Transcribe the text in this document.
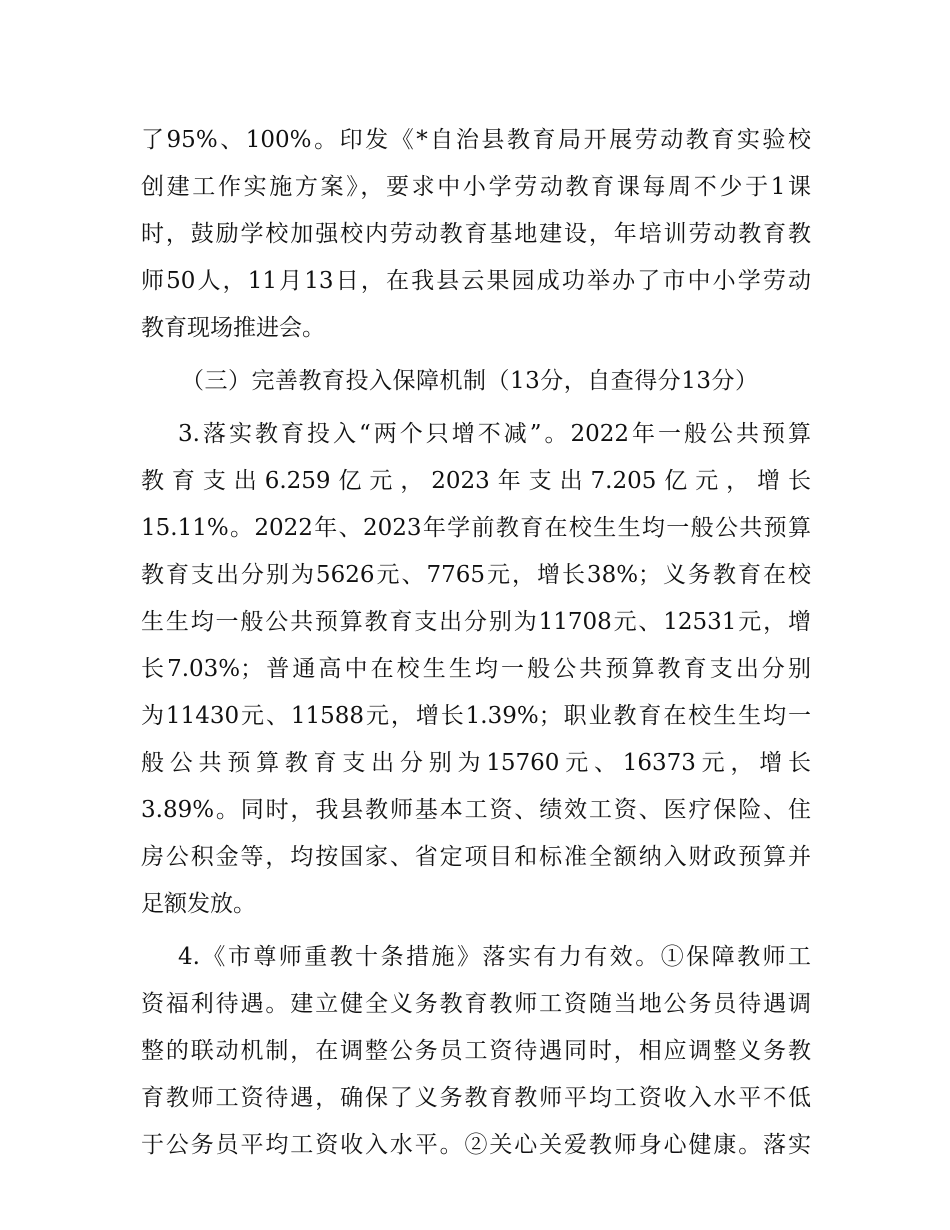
了95%、100%。印发《*自治县教育局开展劳动教育实验校
创建工作实施方案》，要求中小学劳动教育课每周不少于1课
时，鼓励学校加强校内劳动教育基地建设，年培训劳动教育教
师50人，11月13日，在我县云果园成功举办了市中小学劳动
教育现场推进会。
（三）完善教育投入保障机制（13分，自查得分13分）
3.落实教育投入“两个只增不减”。2022年一般公共预算
教育支出6.259亿元，2023年支出7.205亿元，增长
15.11%。2022年、2023年学前教育在校生生均一般公共预算
教育支出分别为5626元、7765元，增长38%；义务教育在校
生生均一般公共预算教育支出分别为11708元、12531元，增
长7.03%；普通高中在校生生均一般公共预算教育支出分别
为11430元、11588元，增长1.39%；职业教育在校生生均一
般公共预算教育支出分别为15760元、16373元，增长
3.89%。同时，我县教师基本工资、绩效工资、医疗保险、住
房公积金等，均按国家、省定项目和标准全额纳入财政预算并
足额发放。
4.《市尊师重教十条措施》落实有力有效。①保障教师工
资福利待遇。建立健全义务教育教师工资随当地公务员待遇调
整的联动机制，在调整公务员工资待遇同时，相应调整义务教
育教师工资待遇，确保了义务教育教师平均工资收入水平不低
于公务员平均工资收入水平。②关心关爱教师身心健康。落实
